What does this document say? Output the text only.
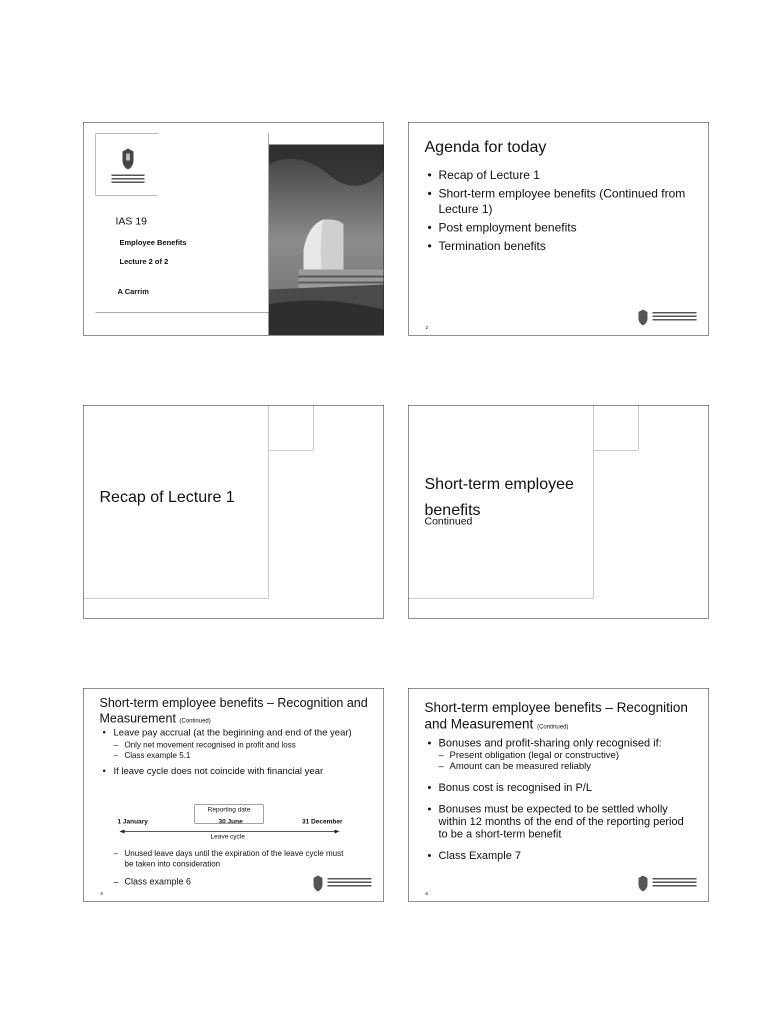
IAS 19
Employee Benefits
Lecture 2 of 2
A Carrim
Agenda for today
• Recap of Lecture 1
• Short-term employee benefits (Continued from Lecture 1)
• Post employment benefits
• Termination benefits
2
Recap of Lecture 1
Short-term employee benefits
Continued
Short-term employee benefits – Recognition and Measurement (Continued)
• Leave pay accrual (at the beginning and end of the year)
– Only net movement recognised in profit and loss
– Class example 5.1
• If leave cycle does not coincide with financial year
Reporting date
1 January	30 June	31 December
Leave cycle
– Unused leave days until the expiration of the leave cycle must be taken into consideration
– Class example 6
5
Short-term employee benefits – Recognition and Measurement (Continued)
• Bonuses and profit-sharing only recognised if:
– Present obligation (legal or constructive)
– Amount can be measured reliably
• Bonus cost is recognised in P/L
• Bonuses must be expected to be settled wholly within 12 months of the end of the reporting period to be a short-term benefit
• Class Example 7
6
